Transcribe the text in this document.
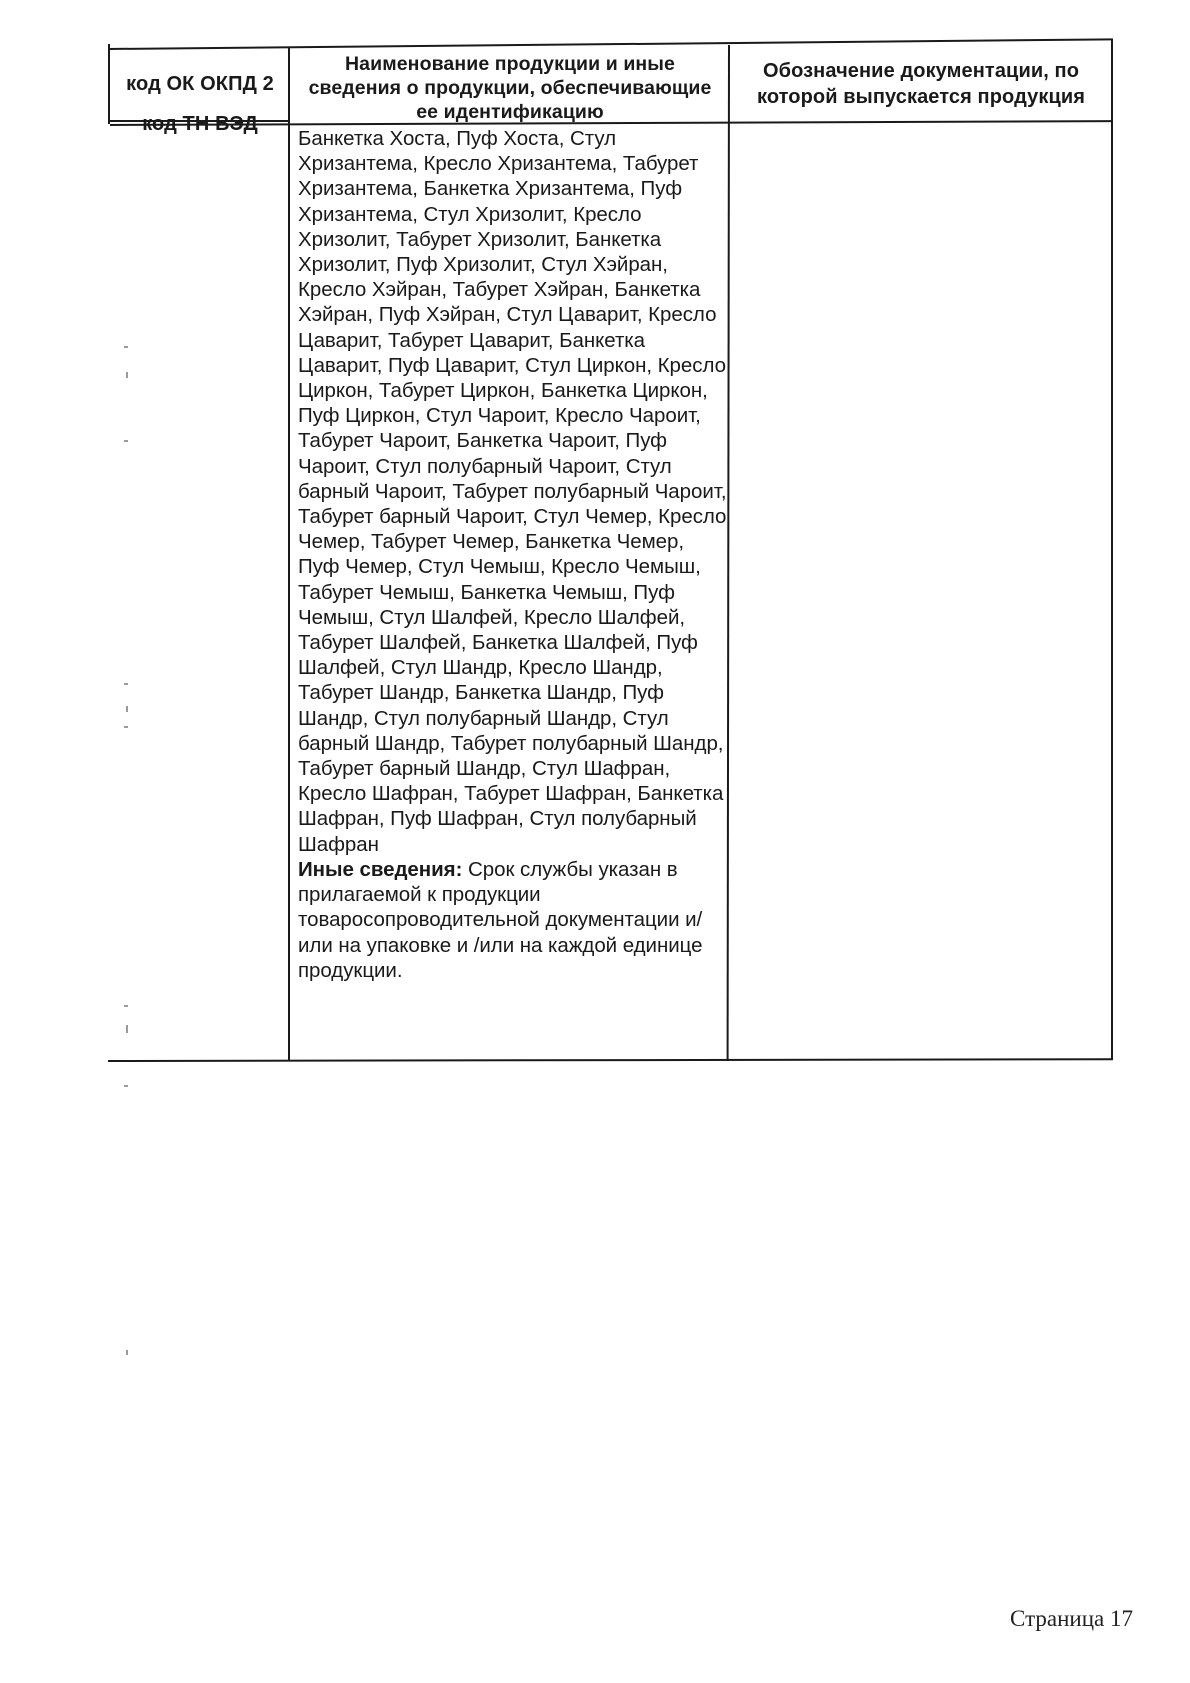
код ОК ОКПД 2
код ТН ВЭД
Наименование продукции и иные сведения о продукции, обеспечивающие ее идентификацию
Обозначение документации, по которой выпускается продукция
Банкетка Хоста, Пуф Хоста, Стул Хризантема, Кресло Хризантема, Табурет Хризантема, Банкетка Хризантема, Пуф Хризантема, Стул Хризолит, Кресло Хризолит, Табурет Хризолит, Банкетка Хризолит, Пуф Хризолит, Стул Хэйран, Кресло Хэйран, Табурет Хэйран, Банкетка Хэйран, Пуф Хэйран, Стул Цаварит, Кресло Цаварит, Табурет Цаварит, Банкетка Цаварит, Пуф Цаварит, Стул Циркон, Кресло Циркон, Табурет Циркон, Банкетка Циркон, Пуф Циркон, Стул Чароит, Кресло Чароит, Табурет Чароит, Банкетка Чароит, Пуф Чароит, Стул полубарный Чароит, Стул барный Чароит, Табурет полубарный Чароит, Табурет барный Чароит, Стул Чемер, Кресло Чемер, Табурет Чемер, Банкетка Чемер, Пуф Чемер, Стул Чемыш, Кресло Чемыш, Табурет Чемыш, Банкетка Чемыш, Пуф Чемыш, Стул Шалфей, Кресло Шалфей, Табурет Шалфей, Банкетка Шалфей, Пуф Шалфей, Стул Шандр, Кресло Шандр, Табурет Шандр, Банкетка Шандр, Пуф Шандр, Стул полубарный Шандр, Стул барный Шандр, Табурет полубарный Шандр, Табурет барный Шандр, Стул Шафран, Кресло Шафран, Табурет Шафран, Банкетка Шафран, Пуф Шафран, Стул полубарный Шафран
Иные сведения: Срок службы указан в прилагаемой к продукции товаросопроводительной документации и/или на упаковке и /или на каждой единице продукции.
Страница 17
